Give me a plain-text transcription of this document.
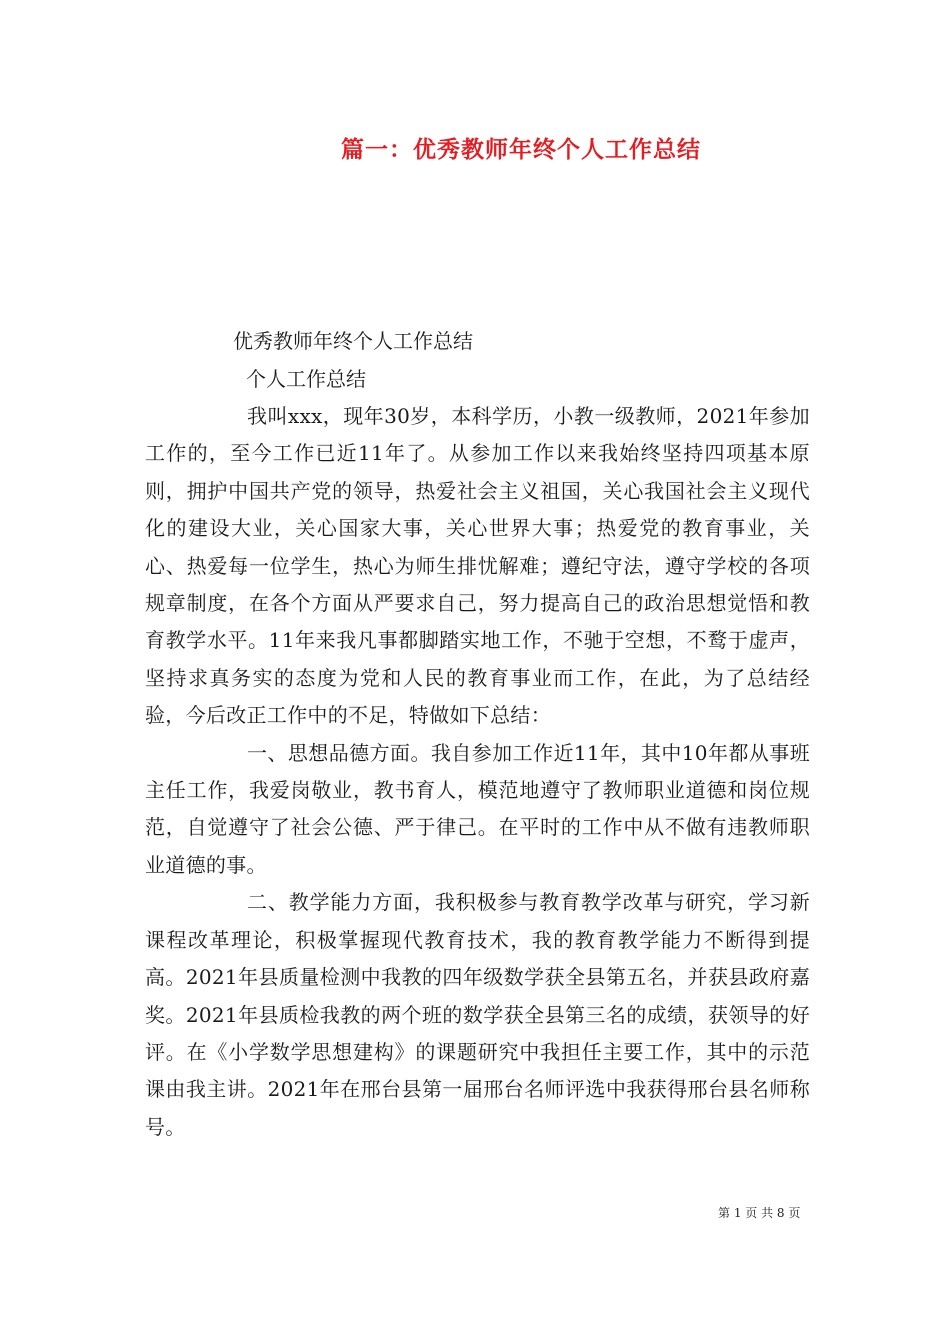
篇一：优秀教师年终个人工作总结
优秀教师年终个人工作总结
个人工作总结

我叫xxx，现年30岁，本科学历，小教一级教师，2021年参加工作的，至今工作已近11年了。从参加工作以来我始终坚持四项基本原则，拥护中国共产党的领导，热爱社会主义祖国，关心我国社会主义现代化的建设大业，关心国家大事，关心世界大事；热爱党的教育事业，关心、热爱每一位学生，热心为师生排忧解难；遵纪守法，遵守学校的各项规章制度，在各个方面从严要求自己，努力提高自己的政治思想觉悟和教育教学水平。11年来我凡事都脚踏实地工作，不驰于空想，不鹜于虚声，坚持求真务实的态度为党和人民的教育事业而工作，在此，为了总结经验，今后改正工作中的不足，特做如下总结：

一、思想品德方面。我自参加工作近11年，其中10年都从事班主任工作，我爱岗敬业，教书育人，模范地遵守了教师职业道德和岗位规范，自觉遵守了社会公德、严于律己。在平时的工作中从不做有违教师职业道德的事。

二、教学能力方面，我积极参与教育教学改革与研究，学习新课程改革理论，积极掌握现代教育技术，我的教育教学能力不断得到提高。2021年县质量检测中我教的四年级数学获全县第五名，并获县政府嘉奖。2021年县质检我教的两个班的数学获全县第三名的成绩，获领导的好评。在《小学数学思想建构》的课题研究中我担任主要工作，其中的示范课由我主讲。2021年在邢台县第一届邢台名师评选中我获得邢台县名师称号。

第 1 页 共 8 页
